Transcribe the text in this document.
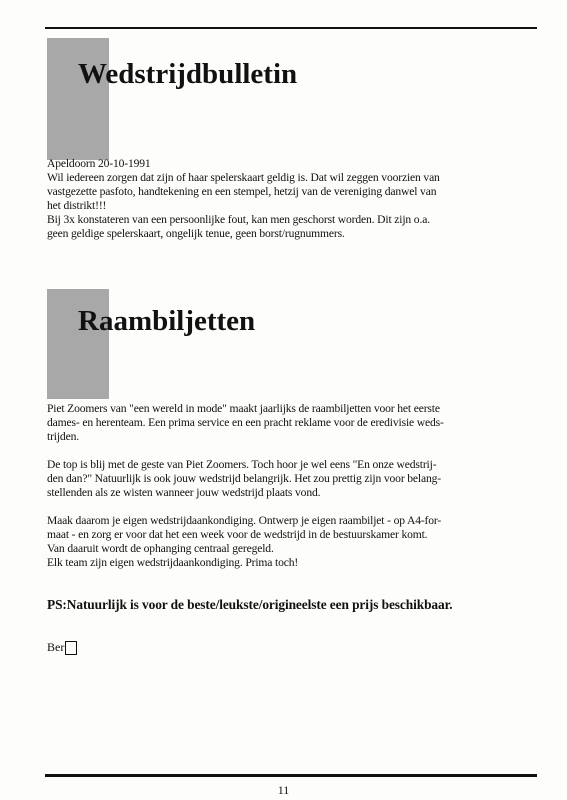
Wedstrijdbulletin

Apeldoorn 20-10-1991

Wil iedereen zorgen dat zijn of haar spelerskaart geldig is. Dat wil zeggen voorzien van

vastgezette pasfoto, handtekening en een stempel, hetzij van de vereniging danwel van

het distrikt!!!

Bij 3x konstateren van een persoonlijke fout, kan men geschorst worden. Dit zijn o.a.

geen geldige spelerskaart, ongelijk tenue, geen borst/rugnummers.

Raambiljetten

Piet Zoomers van "een wereld in mode" maakt jaarlijks de raambiljetten voor het eerste

dames- en herenteam. Een prima service en een pracht reklame voor de eredivisie weds-

trijden.

De top is blij met de geste van Piet Zoomers. Toch hoor je wel eens "En onze wedstrij-

den dan?" Natuurlijk is ook jouw wedstrijd belangrijk. Het zou prettig zijn voor belang-

stellenden als ze wisten wanneer jouw wedstrijd plaats vond.

Maak daarom je eigen wedstrijdaankondiging. Ontwerp je eigen raambiljet - op A4-for-

maat - en zorg er voor dat het een week voor de wedstrijd in de bestuurskamer komt.

Van daaruit wordt de ophanging centraal geregeld.

Elk team zijn eigen wedstrijdaankondiging. Prima toch!

PS:Natuurlijk is voor de beste/leukste/origineelste een prijs beschikbaar.

Ber
11
